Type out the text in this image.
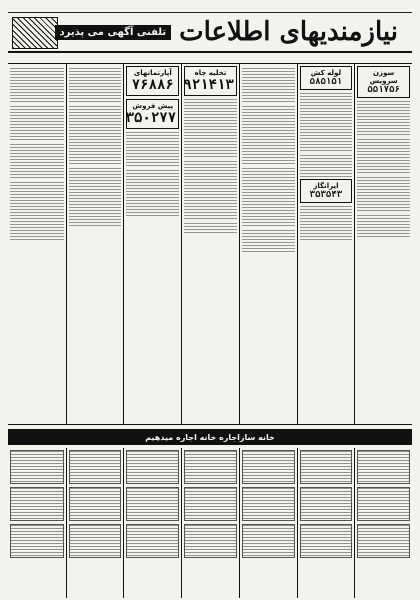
نیازمندیهای اطلاعات
تلفنی آگهی می پذیرد
سوزن سرویس
۵۵۱۷۵۶
لوله کش
۵۸۵۱۵۱
ایرانگاز
۳۵۳۵۴۳
تخلیه چاه
۹۲۱۴۱۳
آپارتمانهای
۷۶۸۸۶
پیش فروش
۳۵۰۲۷۷
خانه سازاجاره خانه اجاره میدهیم
